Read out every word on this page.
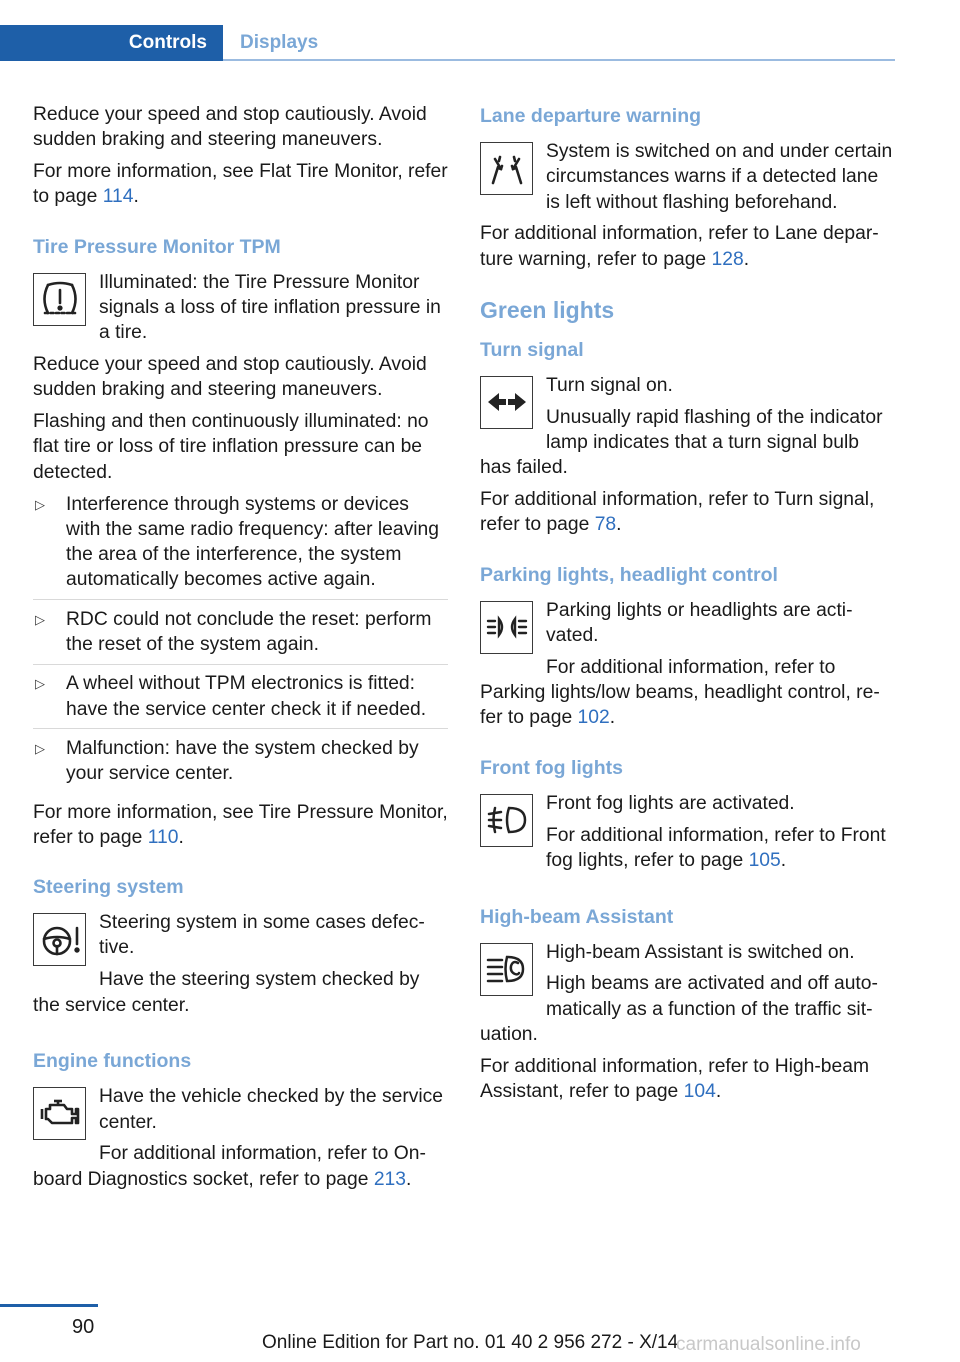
Controls	Displays

Reduce your speed and stop cautiously. Avoid sudden braking and steering maneuvers.

For more information, see Flat Tire Monitor, refer to page 114.

Tire Pressure Monitor TPM

Illuminated: the Tire Pressure Monitor signals a loss of tire inflation pressure in a tire.

Reduce your speed and stop cautiously. Avoid sudden braking and steering maneuvers.

Flashing and then continuously illuminated: no flat tire or loss of tire inflation pressure can be detected.

▷ Interference through systems or devices with the same radio frequency: after leaving the area of the interference, the system automatically becomes active again.
▷ RDC could not conclude the reset: perform the reset of the system again.
▷ A wheel without TPM electronics is fitted: have the service center check it if needed.
▷ Malfunction: have the system checked by your service center.

For more information, see Tire Pressure Monitor, refer to page 110.

Steering system

Steering system in some cases defective.

Have the steering system checked by the service center.

Engine functions

Have the vehicle checked by the service center.

For additional information, refer to On-board Diagnostics socket, refer to page 213.

Lane departure warning

System is switched on and under certain circumstances warns if a detected lane is left without flashing beforehand.

For additional information, refer to Lane departure warning, refer to page 128.

Green lights
Turn signal

Turn signal on.

Unusually rapid flashing of the indicator lamp indicates that a turn signal bulb has failed.

For additional information, refer to Turn signal, refer to page 78.

Parking lights, headlight control

Parking lights or headlights are activated.

For additional information, refer to Parking lights/low beams, headlight control, refer to page 102.

Front fog lights

Front fog lights are activated.

For additional information, refer to Front fog lights, refer to page 105.

High-beam Assistant

High-beam Assistant is switched on.

High beams are activated and off automatically as a function of the traffic situation.

For additional information, refer to High-beam Assistant, refer to page 104.

90
Online Edition for Part no. 01 40 2 956 272 - X/14
carmanualsonline.info
